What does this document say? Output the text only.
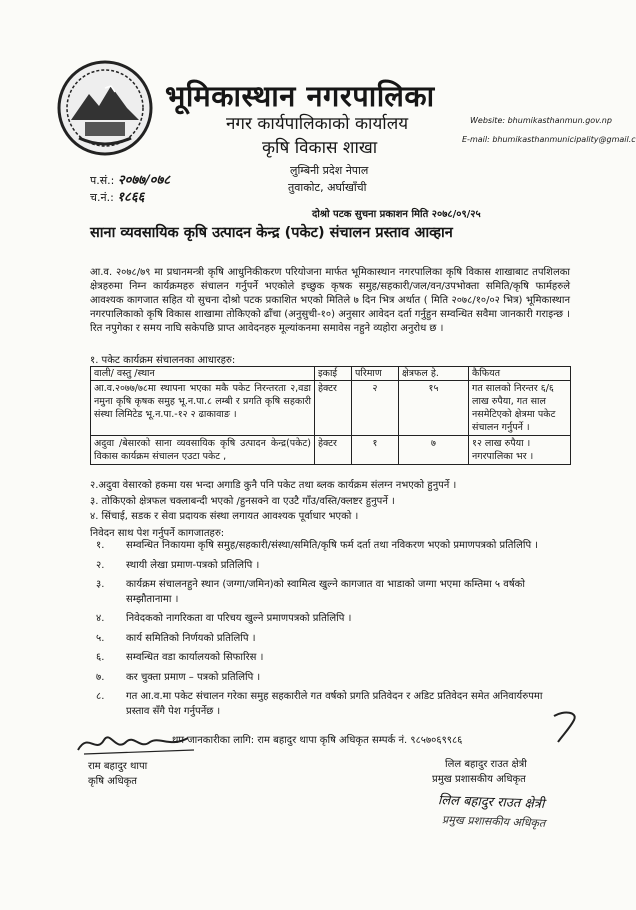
भूमिकास्थान नगरपालिका
नगर कार्यपालिकाको कार्यालय
कृषि विकास शाखा
लुम्बिनी प्रदेश नेपाल
तुवाकोट, अर्घाखाँची
Website: bhumikasthanmun.gov.np
E-mail: bhumikasthanmunicipality@gmail.c
प.सं.: २०७७/०७८
च.नं.: १८६६
दोश्रो पटक सुचना प्रकाशन मिति २०७८/०९/२५
साना व्यवसायिक कृषि उत्पादन केन्द्र (पकेट) संचालन प्रस्ताव आव्हान
आ.व. २०७८/७९ मा प्रधानमन्त्री कृषि आधुनिकीकरण परियोजना मार्फत भूमिकास्थान नगरपालिका कृषि विकास शाखाबाट तपशिलका क्षेत्रहरुमा निम्न कार्यक्रमहरु संचालन गर्नुपर्ने भएकोले इच्छुक कृषक समुह/सहकारी/जल/वन/उपभोक्ता समिति/कृषि फार्महरुले आवश्यक कागजात सहित यो सुचना दोश्रो पटक प्रकाशित भएको मितिले ७ दिन भित्र अर्थात ( मिति २०७८/१०/०२ भित्र) भूमिकास्थान नगरपालिकाको कृषि विकास शाखामा तोकिएको ढाँचा (अनुसुची-१०) अनुसार आवेदन दर्ता गर्नुहुन सम्वन्धित सवैमा जानकारी गराइन्छ । रित नपुगेका र समय नाघि सकेपछि प्राप्त आवेदनहरु मूल्यांकनमा समावेस नहुने व्यहोरा अनुरोध छ ।
१. पकेट कार्यक्रम संचालनका आधारहरु:
वाली/ वस्तु /स्थान	इकाई	परिमाण	क्षेत्रफल हे.	कैफियत
आ.व.२०७७/७८मा स्थापना भएका मकै पकेट निरन्तरता २,वडा नमुना कृषि कृषक समुह भू.न.पा.८ लम्बी र प्रगति कृषि सहकारी संस्था लिमिटेड भू.न.पा.-१२ २ ढाकावाङ ।	हेक्टर	२	१५	गत सालको निरन्तर ६/६ लाख रुपैया, गत साल नसमेटिएको क्षेत्रमा पकेट संचालन गर्नुपर्ने ।
अदुवा /बेसारको साना व्यवसायिक कृषि उत्पादन केन्द्र(पकेट) विकास कार्यक्रम संचालन एउटा पकेट ,	हेक्टर	१	७	१२ लाख रुपैया । नगरपालिका भर ।
२.अदुवा वेसारको हकमा यस भन्दा अगाडि कुनै पनि पकेट तथा ब्लक कार्यक्रम संलग्न नभएको हुनुपर्ने ।
३. तोकिएको क्षेत्रफल चक्लाबन्दी भएको /हुनसक्ने वा एउटै गाँउ/वस्ति/क्लष्टर हुनुपर्ने ।
४. सिंचाई, सडक र सेवा प्रदायक संस्था लगायत आवश्यक पूर्वाधार भएको ।
निवेदन साथ पेश गर्नुपर्ने कागजातहरु:
१.	सम्वन्धित निकायमा कृषि समुह/सहकारी/संस्था/समिति/कृषि फर्म दर्ता तथा नविकरण भएको प्रमाणपत्रको प्रतिलिपि ।
२.	स्थायी लेखा प्रमाण-पत्रको प्रतिलिपि ।
३.	कार्यक्रम संचालनहुने स्थान (जग्गा/जमिन)को स्वामित्व खुल्ने कागजात वा भाडाको जग्गा भएमा कम्तिमा ५ वर्षको सम्झौतानामा ।
४.	निवेदकको नागरिकता वा परिचय खुल्ने प्रमाणपत्रको प्रतिलिपि ।
५.	कार्य समितिको निर्णयको प्रतिलिपि ।
६.	सम्वन्धित वडा कार्यालयको सिफारिस ।
७.	कर चुक्ता प्रमाण – पत्रको प्रतिलिपि ।
८.	गत आ.व.मा पकेट संचालन गरेका समुह सहकारीले गत वर्षको प्रगति प्रतिवेदन र अडिट प्रतिवेदन समेत अनिवार्यरुपमा प्रस्ताव सँगै पेश गर्नुपर्नेछ ।
थप जानकारीका लागि: राम बहादुर थापा कृषि अधिकृत सम्पर्क नं. ९८५७०६९९८६
राम बहादुर थापा
कृषि अधिकृत
लिल बहादुर राउत क्षेत्री
प्रमुख प्रशासकीय अधिकृत
लिल बहादुर राउत क्षेत्री
प्रमुख प्रशासकीय अधिकृत
